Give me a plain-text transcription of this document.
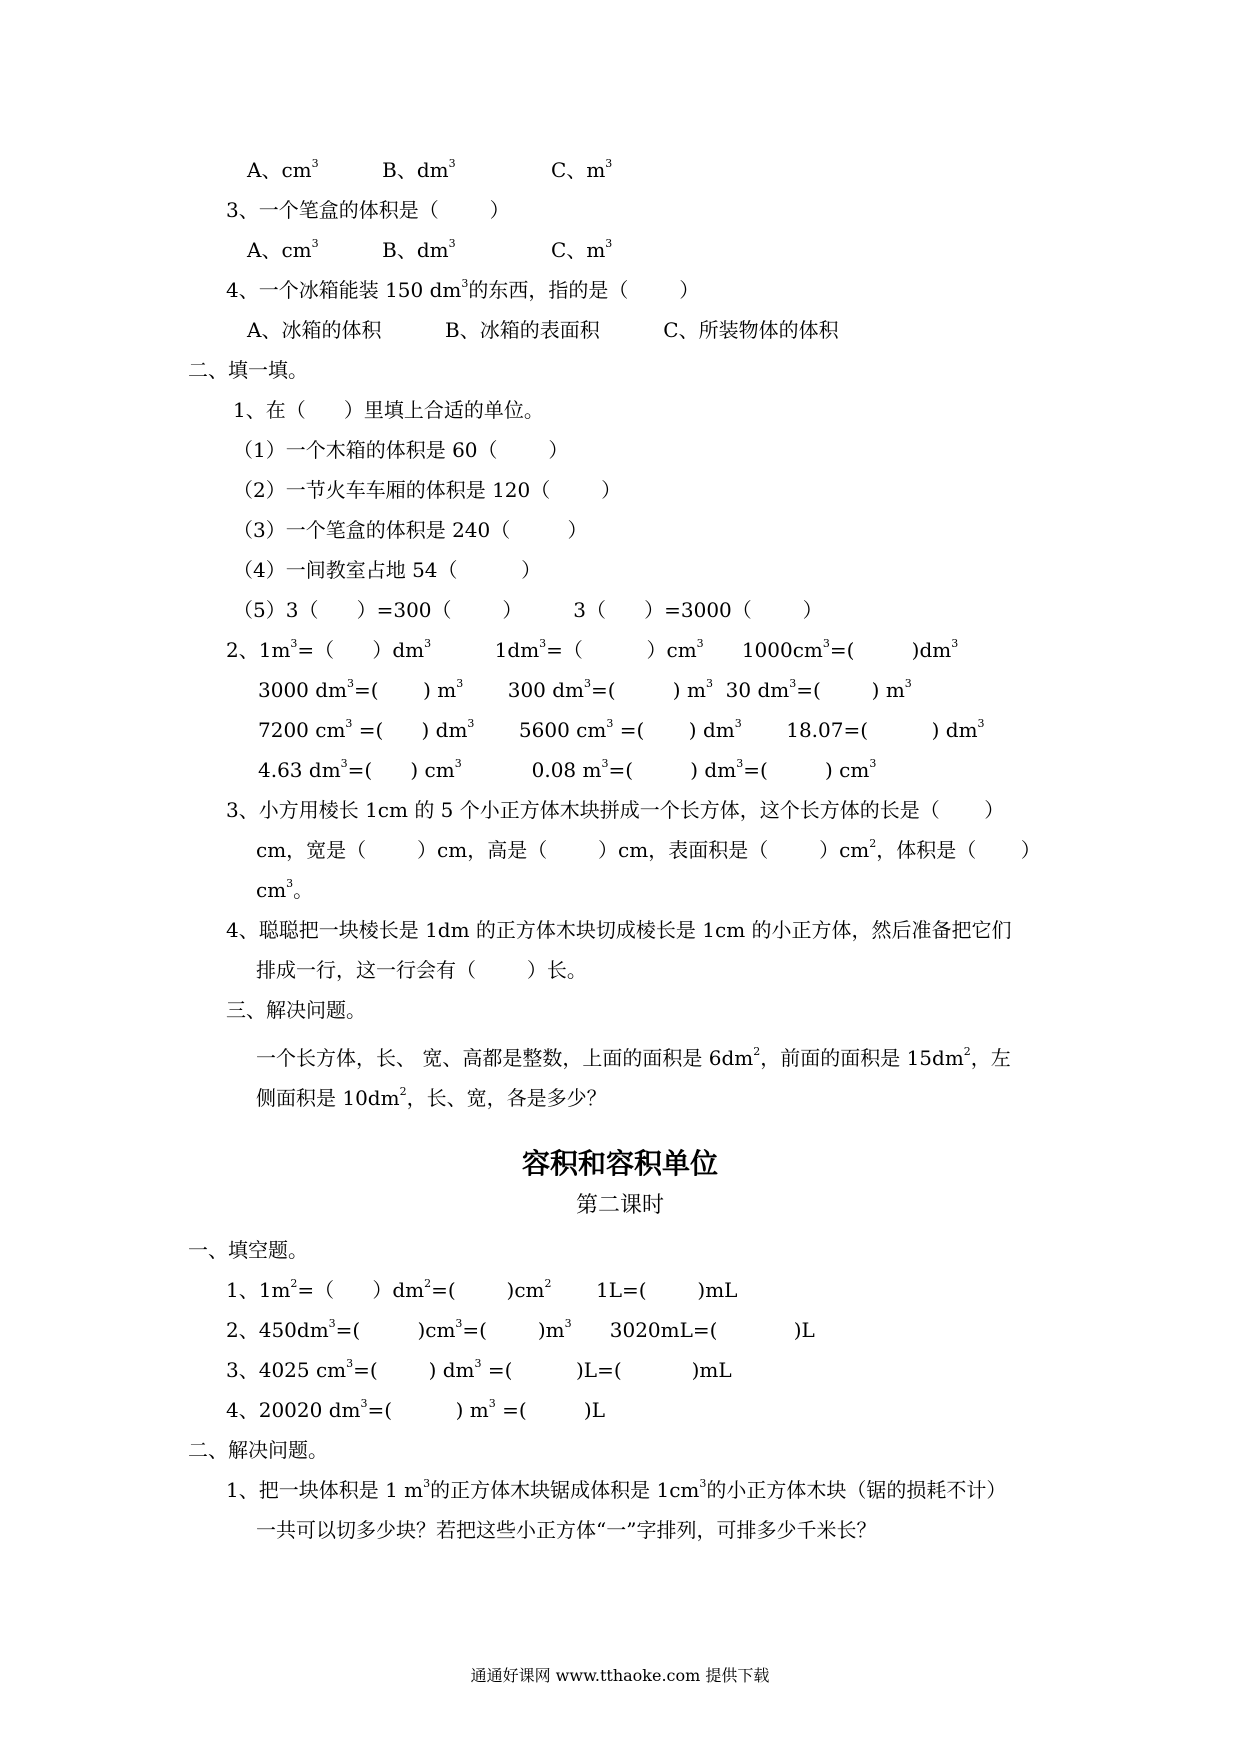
A、$cm^3$          B、$dm^3$               C、$m^3$
3、一个笔盒的体积是（        ）
A、$cm^3$          B、$dm^3$               C、$m^3$
4、一个冰箱能装 150 $dm^3$的东西，指的是（        ）
A、冰箱的体积          B、冰箱的表面积          C、所装物体的体积
二、填一填。
1、在（      ）里填上合适的单位。
（1）一个木箱的体积是 60（        ）
（2）一节火车车厢的体积是 120（        ）
（3）一个笔盒的体积是 240（         ）
（4）一间教室占地 54（          ）
（5）3（      ）=300（        ）        3（      ）=3000（        ）
2、$1m^3=$（      ）$dm^3$          $1dm^3=$（          ）$cm^3$      $1000cm^3=$(         )$dm^3$
3000 $dm^3=$(       ) $m^3$       300 $dm^3=$(         ) $m^3$  30 $dm^3=$(        ) $m^3$
7200 $cm^3$ =(      ) $dm^3$       5600 $cm^3$ =(       ) $dm^3$       18.07=(          ) $dm^3$
4.63 $dm^3=$(      ) $cm^3$           0.08 $m^3=$(         ) $dm^3=$(         ) $cm^3$
3、小方用棱长 1cm 的 5 个小正方体木块拼成一个长方体，这个长方体的长是（       ）
cm，宽是（        ）cm，高是（        ）cm，表面积是（        ）$cm^2$，体积是（       ）
$cm^3$。
4、聪聪把一块棱长是 1dm 的正方体木块切成棱长是 1cm 的小正方体，然后准备把它们
排成一行，这一行会有（        ）长。
三、解决问题。
一个长方体，长、 宽、高都是整数，上面的面积是 $6dm^2$，前面的面积是 $15dm^2$，左
侧面积是 $10dm^2$，长、宽，各是多少？
一、填空题。
1、$1m^2=$（      ）$dm^2=$(        )$cm^2$       1L=(        )mL
2、$450dm^3=$(         )$cm^3=$(        )$m^3$      3020mL=(            )L
3、4025 $cm^3=$(        ) $dm^3$ =(          )L=(           )mL
4、20020 $dm^3=$(          ) $m^3$ =(         )L
二、解决问题。
1、把一块体积是 1 $m^3$的正方体木块锯成体积是 $1cm^3$的小正方体木块（锯的损耗不计）
一共可以切多少块？若把这些小正方体“一”字排列，可排多少千米长？
容积和容积单位
第二课时
通通好课网 www.tthaoke.com 提供下载
